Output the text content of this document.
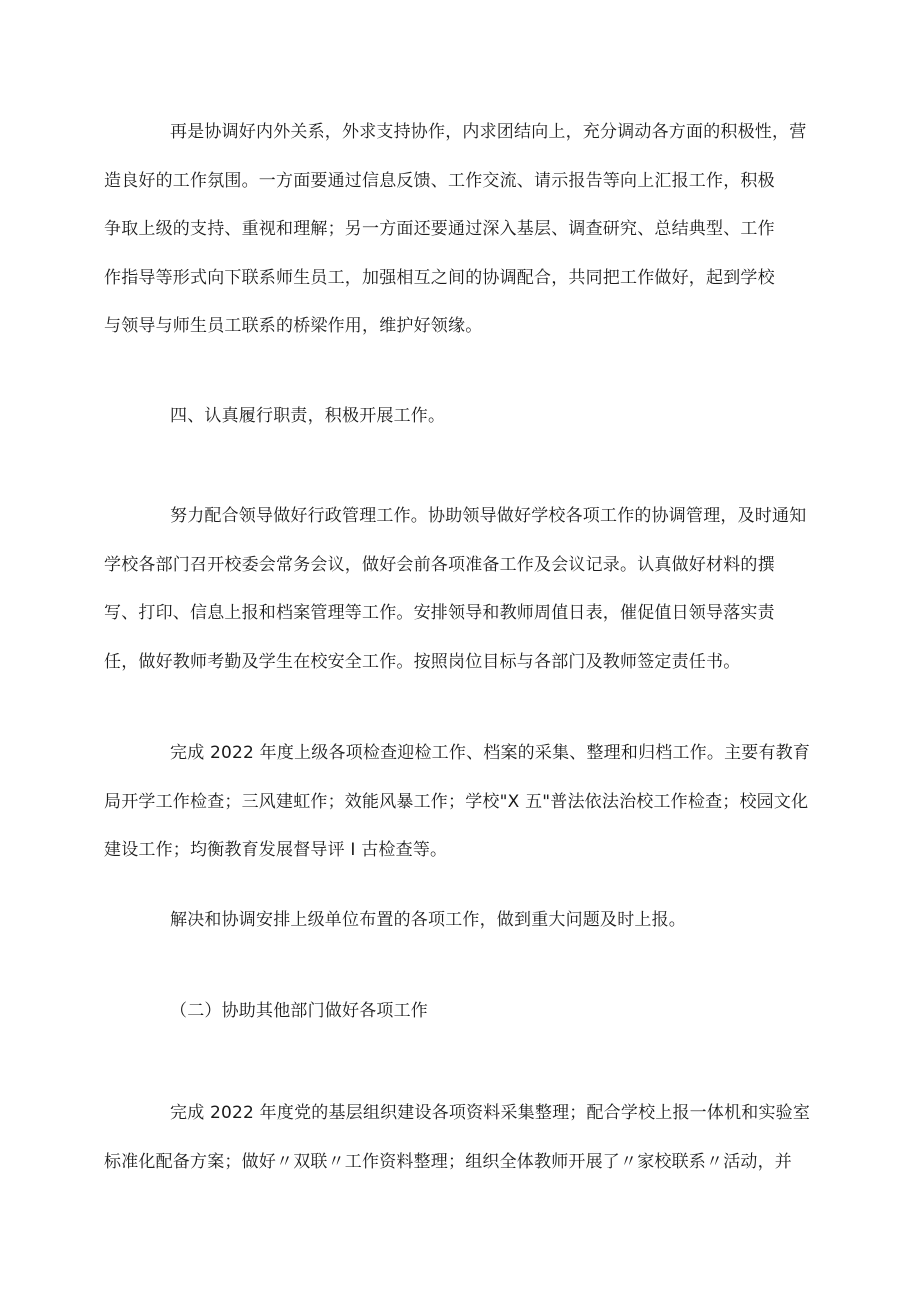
再是协调好内外关系，外求支持协作，内求团结向上，充分调动各方面的积极性，营
造良好的工作氛围。一方面要通过信息反馈、工作交流、请示报告等向上汇报工作，积极
争取上级的支持、重视和理解；另一方面还要通过深入基层、调查研究、总结典型、工作
作指导等形式向下联系师生员工，加强相互之间的协调配合，共同把工作做好，起到学校
与领导与师生员工联系的桥梁作用，维护好领缘。

四、认真履行职责，积极开展工作。

努力配合领导做好行政管理工作。协助领导做好学校各项工作的协调管理，及时通知
学校各部门召开校委会常务会议，做好会前各项准备工作及会议记录。认真做好材料的撰
写、打印、信息上报和档案管理等工作。安排领导和教师周值日表，催促值日领导落实责
任，做好教师考勤及学生在校安全工作。按照岗位目标与各部门及教师签定责任书。
完成 2022 年度上级各项检查迎检工作、档案的采集、整理和归档工作。主要有教育
局开学工作检查；三风建虹作；效能风暴工作；学校"X 五"普法依法治校工作检查；校园文化
建设工作；均衡教育发展督导评 I 古检查等。
解决和协调安排上级单位布置的各项工作，做到重大问题及时上报。

（二）协助其他部门做好各项工作

完成 2022 年度党的基层组织建设各项资料采集整理；配合学校上报一体机和实验室
标准化配备方案；做好〃双联〃工作资料整理；组织全体教师开展了〃家校联系〃活动，并
